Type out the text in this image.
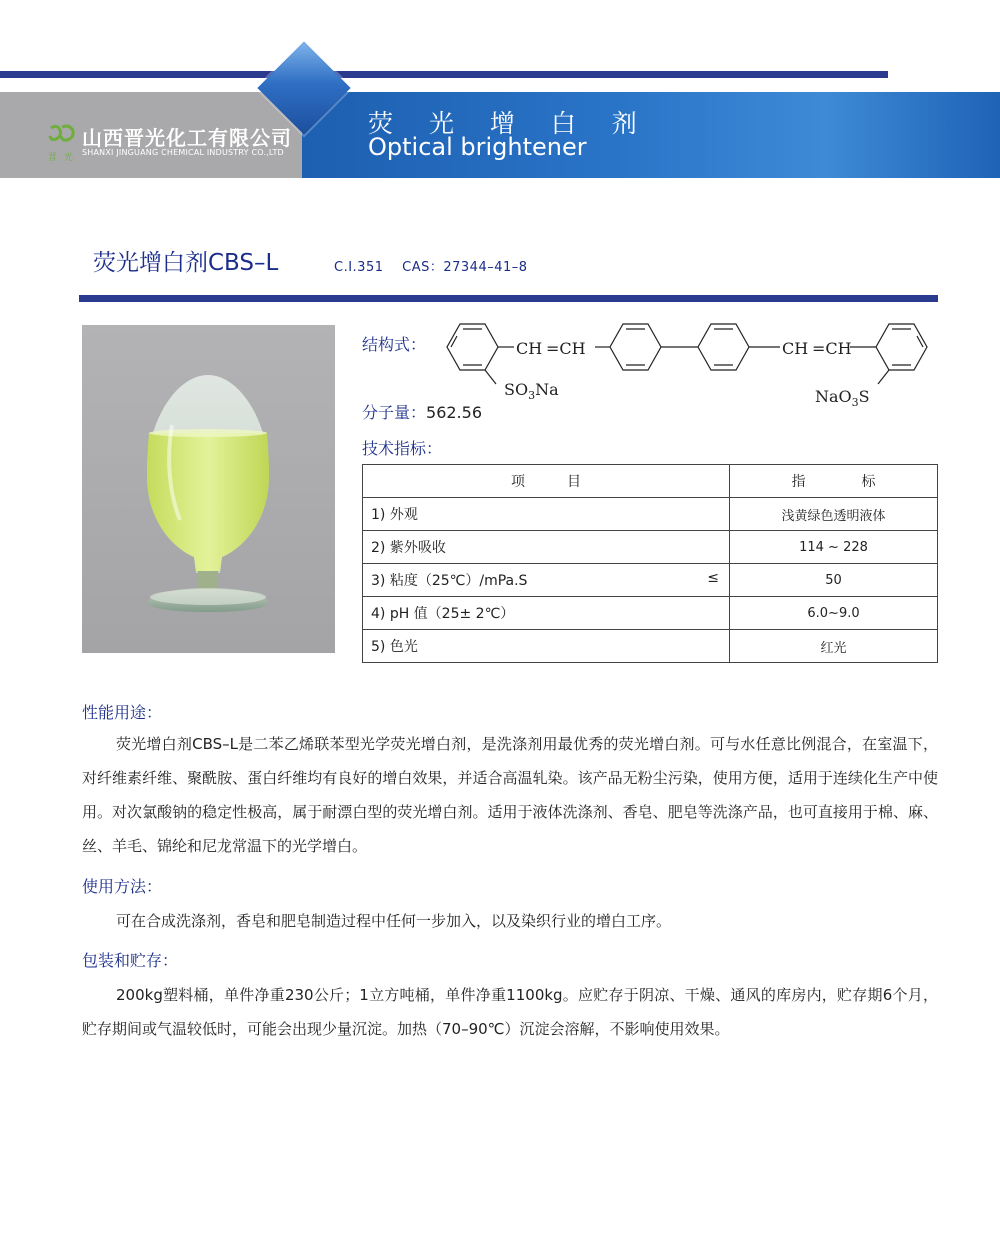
晋 光
山西晋光化工有限公司
SHANXI JINGUANG CHEMICAL INDUSTRY CO.,LTD
荧 光 增 白 剂
Optical brightener
荧光增白剂CBS–L	C.I.351 CAS：27344–41–8
结构式：	CH =CH	CH =CH
$SO_3Na$	NaO$_3$S
分子量：562.56
技术指标：
项　　　目	指　　　　标
1) 外观	浅黄绿色透明液体
2) 紫外吸收	114 ~ 228
3) 粘度（25℃）/mPa.S ≤	50
4) pH 值（25± 2℃）	6.0~9.0
5) 色光	红光
性能用途：
荧光增白剂CBS–L是二苯乙烯联苯型光学荧光增白剂，是洗涤剂用最优秀的荧光增白剂。可与水任意比例混合，在室温下，对纤维素纤维、聚酰胺、蛋白纤维均有良好的增白效果，并适合高温轧染。该产品无粉尘污染，使用方便，适用于连续化生产中使用。对次氯酸钠的稳定性极高，属于耐漂白型的荧光增白剂。适用于液体洗涤剂、香皂、肥皂等洗涤产品，也可直接用于棉、麻、丝、羊毛、锦纶和尼龙常温下的光学增白。
使用方法：
可在合成洗涤剂，香皂和肥皂制造过程中任何一步加入，以及染织行业的增白工序。
包装和贮存：
200kg塑料桶，单件净重230公斤；1立方吨桶，单件净重1100kg。应贮存于阴凉、干燥、通风的库房内，贮存期6个月，贮存期间或气温较低时，可能会出现少量沉淀。加热（70–90℃）沉淀会溶解，不影响使用效果。
